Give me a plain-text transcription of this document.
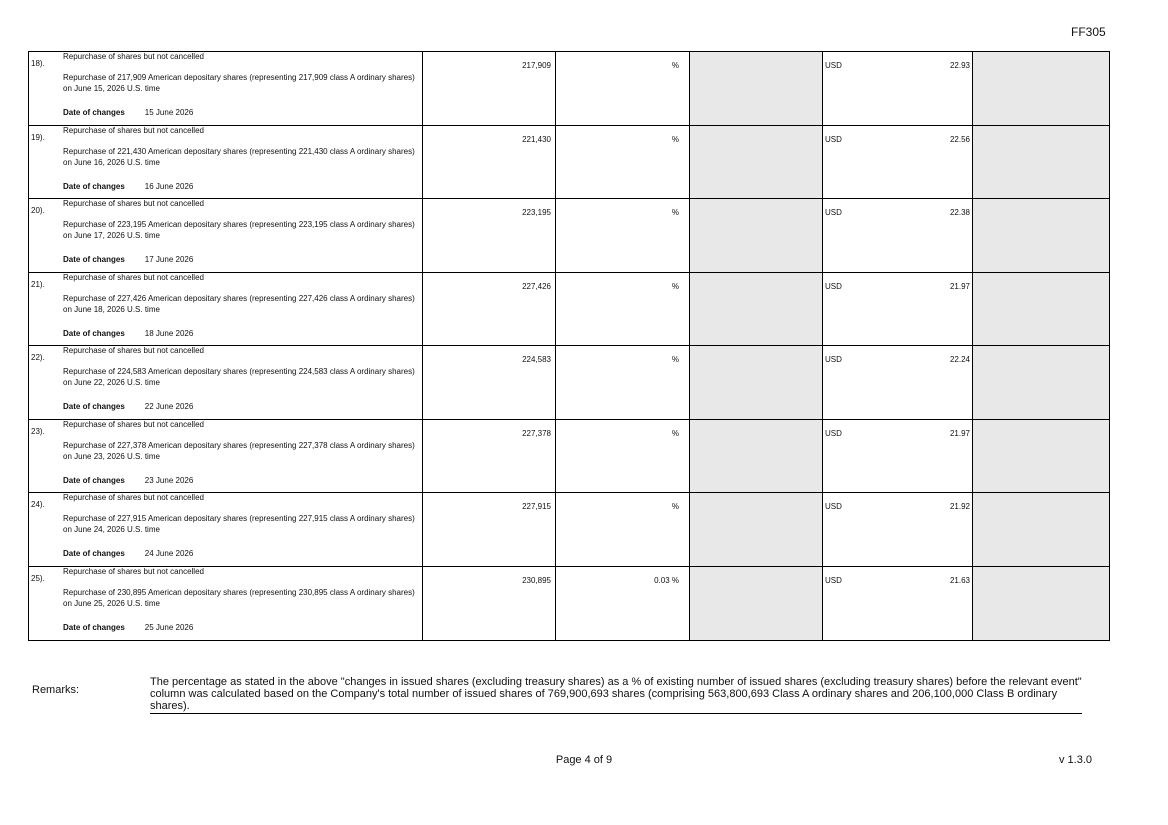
FF305
18).
Repurchase of shares but not cancelled
Repurchase of 217,909 American depositary shares (representing 217,909 class A ordinary shares) on June 15, 2026 U.S. time
Date of changes 15 June 2026	217,909	%		USD 22.93	

19).
Repurchase of shares but not cancelled
Repurchase of 221,430 American depositary shares (representing 221,430 class A ordinary shares) on June 16, 2026 U.S. time
Date of changes 16 June 2026	221,430	%		USD 22.56	

20).
Repurchase of shares but not cancelled
Repurchase of 223,195 American depositary shares (representing 223,195 class A ordinary shares) on June 17, 2026 U.S. time
Date of changes 17 June 2026	223,195	%		USD 22.38	

21).
Repurchase of shares but not cancelled
Repurchase of 227,426 American depositary shares (representing 227,426 class A ordinary shares) on June 18, 2026 U.S. time
Date of changes 18 June 2026	227,426	%		USD 21.97	

22).
Repurchase of shares but not cancelled
Repurchase of 224,583 American depositary shares (representing 224,583 class A ordinary shares) on June 22, 2026 U.S. time
Date of changes 22 June 2026	224,583	%		USD 22.24	

23).
Repurchase of shares but not cancelled
Repurchase of 227,378 American depositary shares (representing 227,378 class A ordinary shares) on June 23, 2026 U.S. time
Date of changes 23 June 2026	227,378	%		USD 21.97	

24).
Repurchase of shares but not cancelled
Repurchase of 227,915 American depositary shares (representing 227,915 class A ordinary shares) on June 24, 2026 U.S. time
Date of changes 24 June 2026	227,915	%		USD 21.92	

25).
Repurchase of shares but not cancelled
Repurchase of 230,895 American depositary shares (representing 230,895 class A ordinary shares) on June 25, 2026 U.S. time
Date of changes 25 June 2026	230,895	0.03 %		USD 21.63	

Remarks:
The percentage as stated in the above "changes in issued shares (excluding treasury shares) as a % of existing number of issued shares (excluding treasury shares) before the relevant event" column was calculated based on the Company's total number of issued shares of 769,900,693 shares (comprising 563,800,693 Class A ordinary shares and 206,100,000 Class B ordinary shares).
Page 4 of 9	v 1.3.0
